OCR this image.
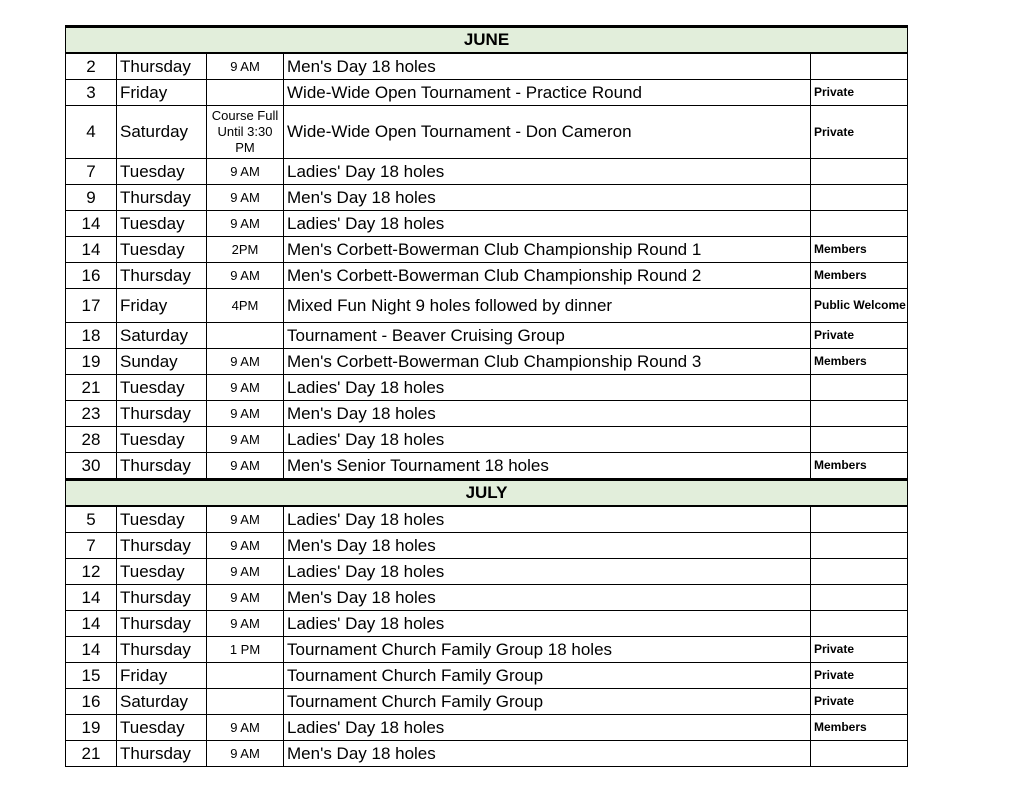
JUNE				
2	Thursday	9 AM	Men's Day 18 holes	
3	Friday		Wide-Wide Open Tournament - Practice Round	Private
4	Saturday	Course Full Until 3:30 PM	Wide-Wide Open Tournament - Don Cameron	Private
7	Tuesday	9 AM	Ladies' Day 18 holes	
9	Thursday	9 AM	Men's Day 18 holes	
14	Tuesday	9 AM	Ladies' Day 18 holes	
14	Tuesday	2PM	Men's Corbett-Bowerman Club Championship Round 1	Members
16	Thursday	9 AM	Men's Corbett-Bowerman Club Championship Round 2	Members
17	Friday	4PM	Mixed Fun Night 9 holes followed by dinner	Public Welcome
18	Saturday		Tournament - Beaver Cruising Group	Private
19	Sunday	9 AM	Men's Corbett-Bowerman Club Championship Round 3	Members
21	Tuesday	9 AM	Ladies' Day 18 holes	
23	Thursday	9 AM	Men's Day 18 holes	
28	Tuesday	9 AM	Ladies' Day 18 holes	
30	Thursday	9 AM	Men's Senior Tournament 18 holes	Members
JULY				
5	Tuesday	9 AM	Ladies' Day 18 holes	
7	Thursday	9 AM	Men's Day 18 holes	
12	Tuesday	9 AM	Ladies' Day 18 holes	
14	Thursday	9 AM	Men's Day 18 holes	
14	Thursday	9 AM	Ladies' Day 18 holes	
14	Thursday	1 PM	Tournament Church Family Group 18 holes	Private
15	Friday		Tournament Church Family Group	Private
16	Saturday		Tournament Church Family Group	Private
19	Tuesday	9 AM	Ladies' Day 18 holes	Members
21	Thursday	9 AM	Men's Day 18 holes	
